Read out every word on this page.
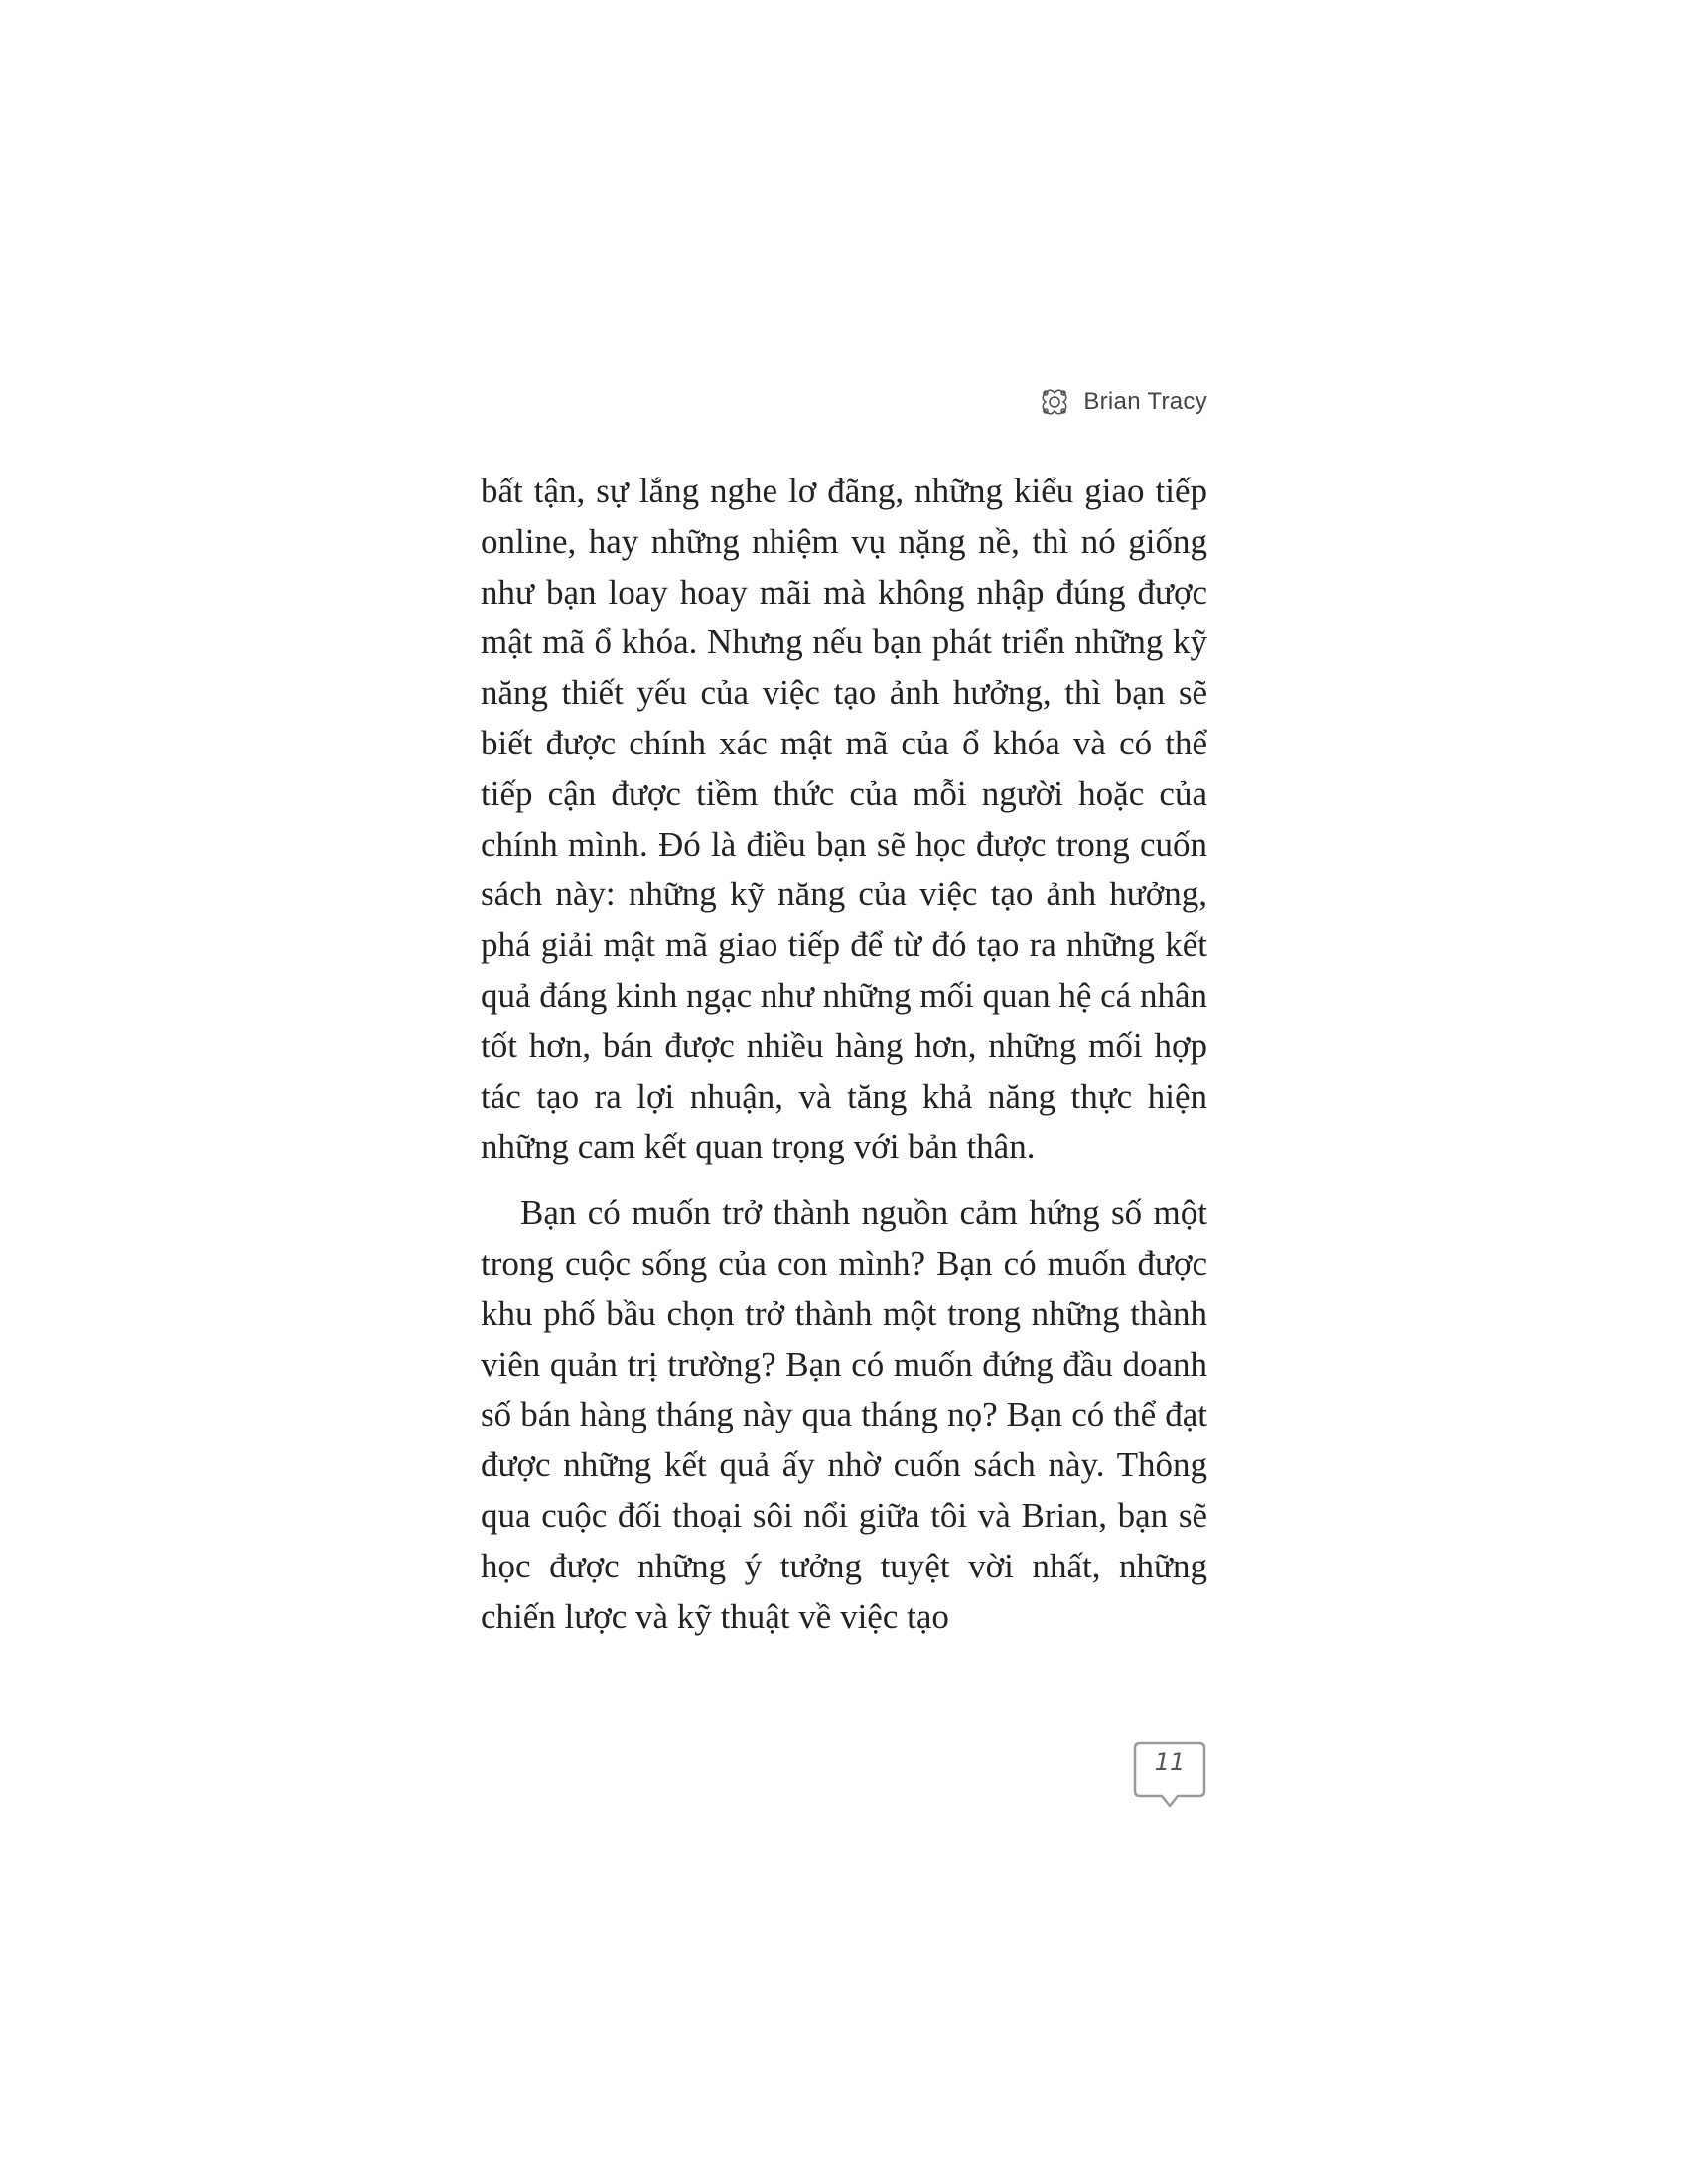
Brian Tracy

bất tận, sự lắng nghe lơ đãng, những kiểu giao tiếp online, hay những nhiệm vụ nặng nề, thì nó giống như bạn loay hoay mãi mà không nhập đúng được mật mã ổ khóa. Nhưng nếu bạn phát triển những kỹ năng thiết yếu của việc tạo ảnh hưởng, thì bạn sẽ biết được chính xác mật mã của ổ khóa và có thể tiếp cận được tiềm thức của mỗi người hoặc của chính mình. Đó là điều bạn sẽ học được trong cuốn sách này: những kỹ năng của việc tạo ảnh hưởng, phá giải mật mã giao tiếp để từ đó tạo ra những kết quả đáng kinh ngạc như những mối quan hệ cá nhân tốt hơn, bán được nhiều hàng hơn, những mối hợp tác tạo ra lợi nhuận, và tăng khả năng thực hiện những cam kết quan trọng với bản thân.

Bạn có muốn trở thành nguồn cảm hứng số một trong cuộc sống của con mình? Bạn có muốn được khu phố bầu chọn trở thành một trong những thành viên quản trị trường? Bạn có muốn đứng đầu doanh số bán hàng tháng này qua tháng nọ? Bạn có thể đạt được những kết quả ấy nhờ cuốn sách này. Thông qua cuộc đối thoại sôi nổi giữa tôi và Brian, bạn sẽ học được những ý tưởng tuyệt vời nhất, những chiến lược và kỹ thuật về việc tạo

11
